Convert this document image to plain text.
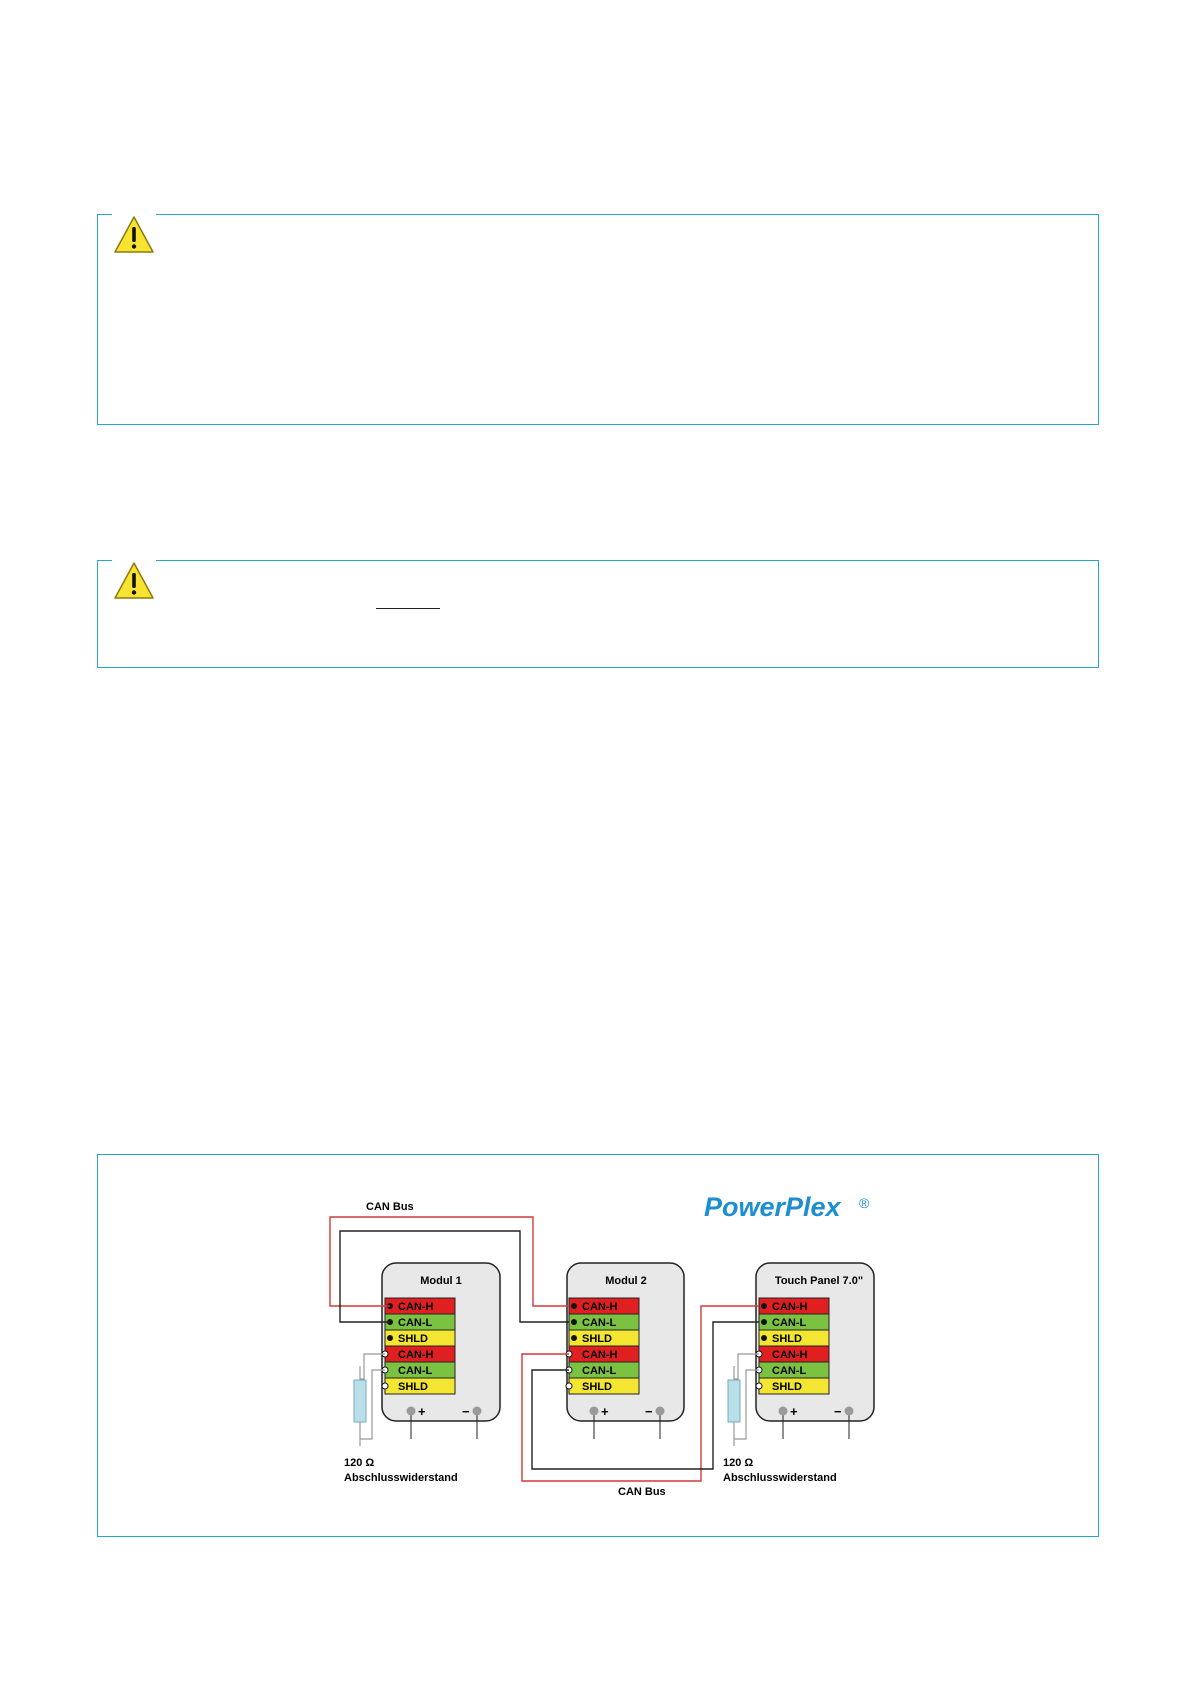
PowerPlex ®
CAN Bus
CAN Bus
Modul 1	Modul 2	Touch Panel 7.0"
CAN-H
CAN-L
SHLD
CAN-H
CAN-L
SHLD
CAN-H
CAN-L
SHLD
CAN-H
CAN-L
SHLD
CAN-H
CAN-L
SHLD
CAN-H
CAN-L
SHLD
+	−	+	−	+	−
120 Ω
Abschlusswiderstand
120 Ω
Abschlusswiderstand
